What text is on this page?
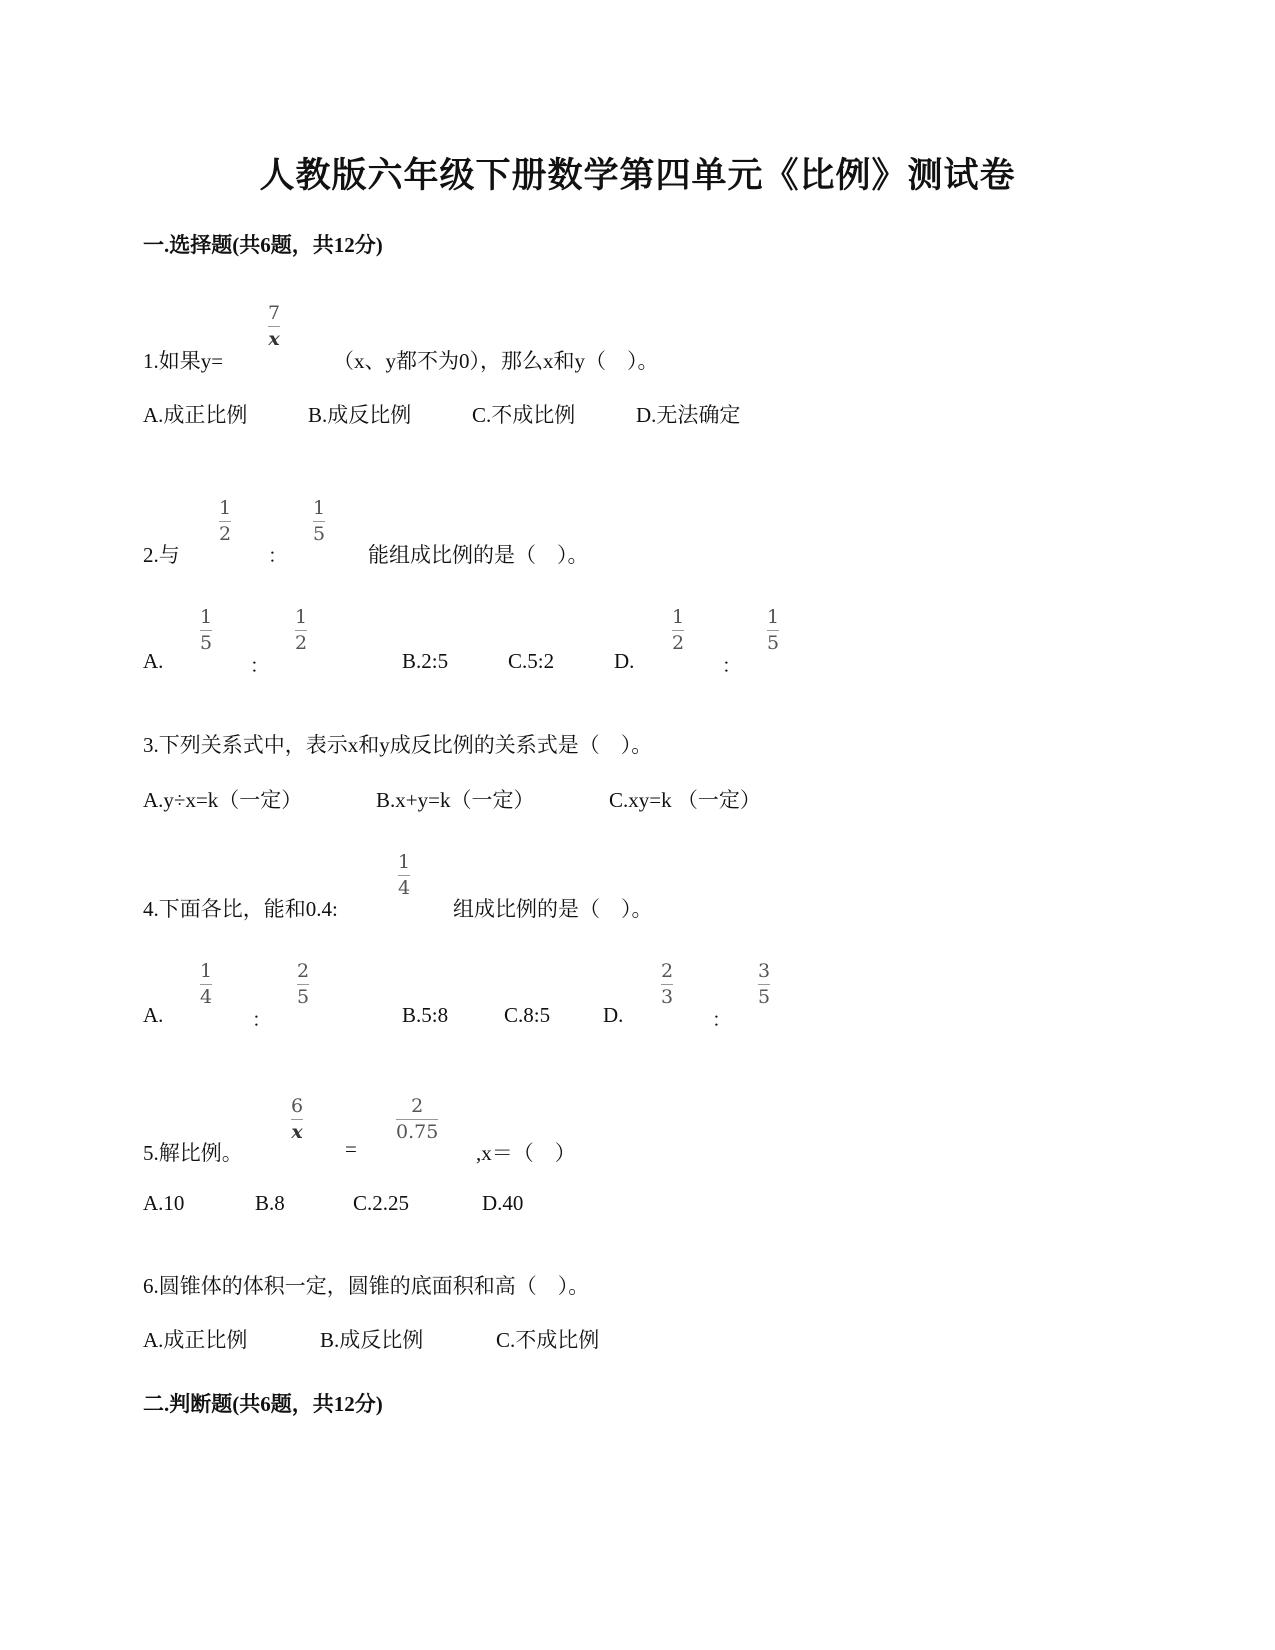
人教版六年级下册数学第四单元《比例》测试卷
一.选择题(共6题，共12分)
1.如果y=
7
x
（x、y都不为0），那么x和y（　）。
A.成正比例	B.成反比例	C.不成比例	D.无法确定
2.与
1
2
：
1
5
能组成比例的是（　）。
A.
1
5
：
1
2
B.2:5	C.5:2	D.
1
2
：
1
5
3.下列关系式中，表示x和y成反比例的关系式是（　）。
A.y÷x=k（一定）	B.x+y=k（一定）	C.xy=k （一定）
4.下面各比，能和0.4:
1
4
组成比例的是（　）。
A.
1
4
：
2
5
B.5:8	C.8:5	D.
2
3
：
3
5
5.解比例。
6
x
=
2
0.75
,x＝（　）
A.10	B.8	C.2.25	D.40
6.圆锥体的体积一定，圆锥的底面积和高（　）。
A.成正比例	B.成反比例	C.不成比例
二.判断题(共6题，共12分)
